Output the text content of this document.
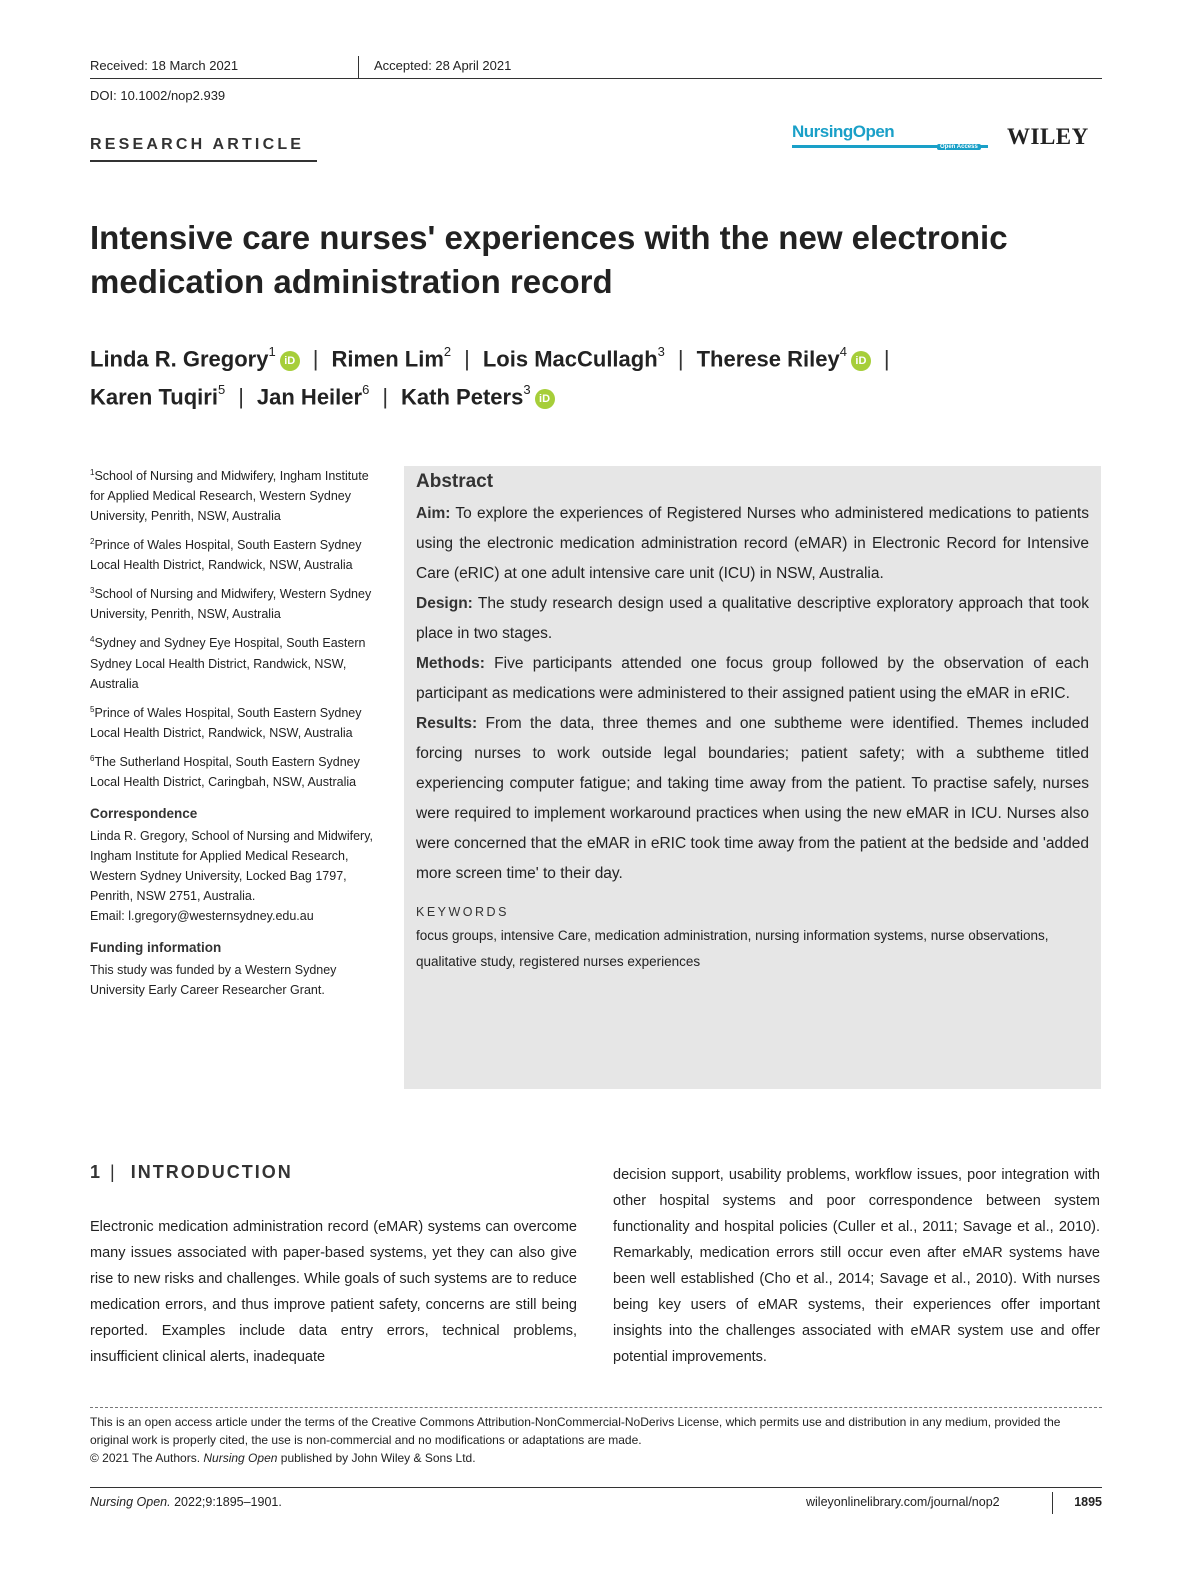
Received: 18 March 2021	Accepted: 28 April 2021
DOI: 10.1002/nop2.939
RESEARCH ARTICLE
NursingOpen
Open Access WILEY
Intensive care nurses' experiences with the new electronic medication administration record
Linda R. Gregory$^1$iD | Rimen Lim$^2$ | Lois MacCullagh$^3$ | Therese Riley$^4$iD |
Karen Tuqiri$^5$ | Jan Heiler$^6$ | Kath Peters$^3$iD
$^1$School of Nursing and Midwifery, Ingham Institute for Applied Medical Research, Western Sydney University, Penrith, NSW, Australia
$^2$Prince of Wales Hospital, South Eastern Sydney Local Health District, Randwick, NSW, Australia
$^3$School of Nursing and Midwifery, Western Sydney University, Penrith, NSW, Australia
$^4$Sydney and Sydney Eye Hospital, South Eastern Sydney Local Health District, Randwick, NSW, Australia
$^5$Prince of Wales Hospital, South Eastern Sydney Local Health District, Randwick, NSW, Australia
$^6$The Sutherland Hospital, South Eastern Sydney Local Health District, Caringbah, NSW, Australia
Correspondence
Linda R. Gregory, School of Nursing and Midwifery, Ingham Institute for Applied Medical Research, Western Sydney University, Locked Bag 1797, Penrith, NSW 2751, Australia.
Email: l.gregory@westernsydney.edu.au
Funding information
This study was funded by a Western Sydney University Early Career Researcher Grant.
Abstract

Aim: To explore the experiences of Registered Nurses who administered medications to patients using the electronic medication administration record (eMAR) in Electronic Record for Intensive Care (eRIC) at one adult intensive care unit (ICU) in NSW, Australia.

Design: The study research design used a qualitative descriptive exploratory approach that took place in two stages.

Methods: Five participants attended one focus group followed by the observation of each participant as medications were administered to their assigned patient using the eMAR in eRIC.

Results: From the data, three themes and one subtheme were identified. Themes included forcing nurses to work outside legal boundaries; patient safety; with a subtheme titled experiencing computer fatigue; and taking time away from the patient. To practise safely, nurses were required to implement workaround practices when using the new eMAR in ICU. Nurses also were concerned that the eMAR in eRIC took time away from the patient at the bedside and 'added more screen time' to their day.

KEYWORDS
focus groups, intensive Care, medication administration, nursing information systems, nurse observations, qualitative study, registered nurses experiences
1 | INTRODUCTION

Electronic medication administration record (eMAR) systems can overcome many issues associated with paper-based systems, yet they can also give rise to new risks and challenges. While goals of such systems are to reduce medication errors, and thus improve patient safety, concerns are still being reported. Examples include data entry errors, technical problems, insufficient clinical alerts, inadequate

decision support, usability problems, workflow issues, poor integration with other hospital systems and poor correspondence between system functionality and hospital policies (Culler et al., 2011; Savage et al., 2010). Remarkably, medication errors still occur even after eMAR systems have been well established (Cho et al., 2014; Savage et al., 2010). With nurses being key users of eMAR systems, their experiences offer important insights into the challenges associated with eMAR system use and offer potential improvements.

This is an open access article under the terms of the Creative Commons Attribution-NonCommercial-NoDerivs License, which permits use and distribution in any medium, provided the original work is properly cited, the use is non-commercial and no modifications or adaptations are made.
© 2021 The Authors. Nursing Open published by John Wiley & Sons Ltd.
Nursing Open. 2022;9:1895–1901.	wileyonlinelibrary.com/journal/nop2	1895
